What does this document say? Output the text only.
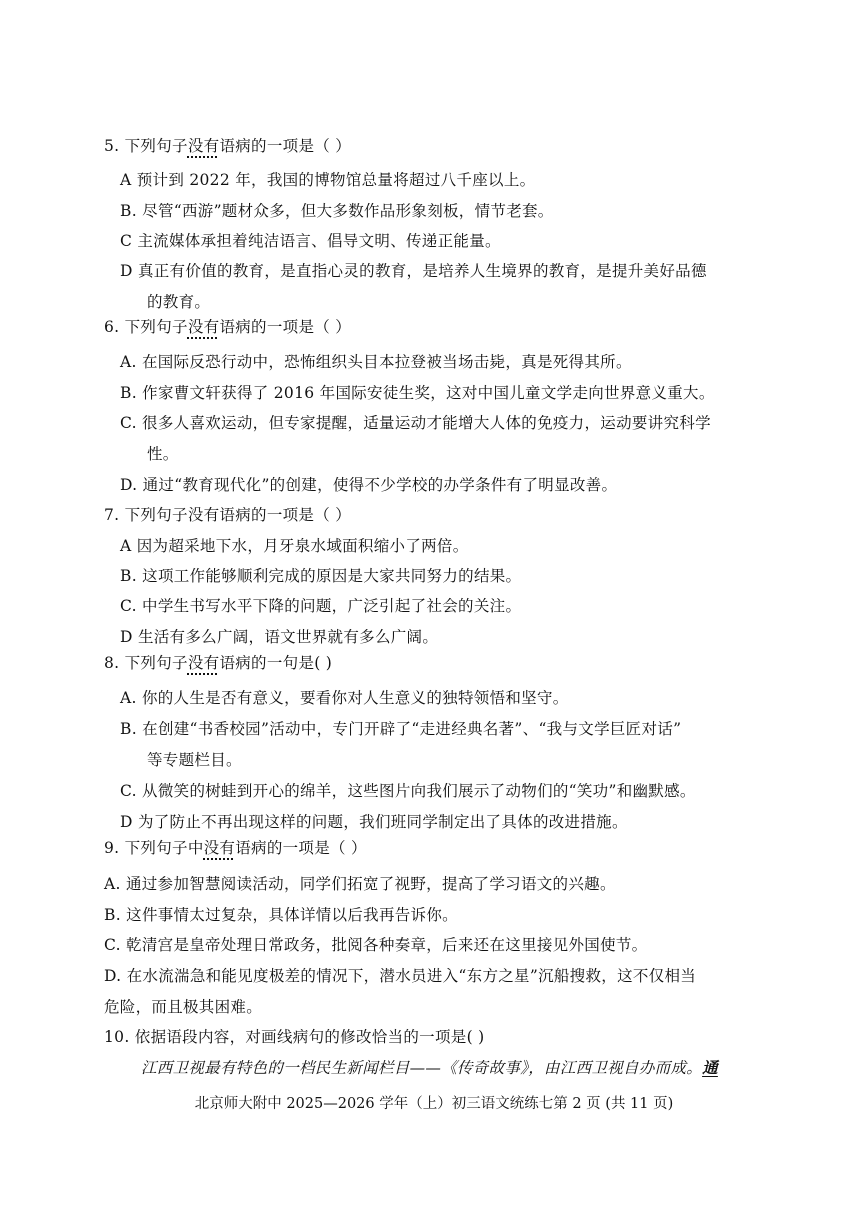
5. 下列句子没有语病的一项是（ ）
A 预计到 2022 年，我国的博物馆总量将超过八千座以上。
B. 尽管“西游”题材众多，但大多数作品形象刻板，情节老套。
C 主流媒体承担着纯洁语言、倡导文明、传递正能量。
D 真正有价值的教育，是直指心灵的教育，是培养人生境界的教育，是提升美好品德
的教育。
6. 下列句子没有语病的一项是（ ）
A. 在国际反恐行动中，恐怖组织头目本拉登被当场击毙，真是死得其所。
B. 作家曹文轩获得了 2016 年国际安徒生奖，这对中国儿童文学走向世界意义重大。
C. 很多人喜欢运动，但专家提醒，适量运动才能增大人体的免疫力，运动要讲究科学
性。
D. 通过“教育现代化”的创建，使得不少学校的办学条件有了明显改善。
7. 下列句子没有语病的一项是（ ）
A 因为超采地下水，月牙泉水域面积缩小了两倍。
B. 这项工作能够顺利完成的原因是大家共同努力的结果。
C. 中学生书写水平下降的问题，广泛引起了社会的关注。
D 生活有多么广阔，语文世界就有多么广阔。
8. 下列句子没有语病的一句是( )
A. 你的人生是否有意义，要看你对人生意义的独特领悟和坚守。
B. 在创建“书香校园”活动中，专门开辟了“走进经典名著”、“我与文学巨匠对话”
等专题栏目。
C. 从微笑的树蛙到开心的绵羊，这些图片向我们展示了动物们的“笑功”和幽默感。
D 为了防止不再出现这样的问题，我们班同学制定出了具体的改进措施。
9. 下列句子中没有语病的一项是（ ）
A. 通过参加智慧阅读活动，同学们拓宽了视野，提高了学习语文的兴趣。
B. 这件事情太过复杂，具体详情以后我再告诉你。
C. 乾清宫是皇帝处理日常政务，批阅各种奏章，后来还在这里接见外国使节。
D. 在水流湍急和能见度极差的情况下，潜水员进入“东方之星”沉船搜救，这不仅相当
危险，而且极其困难。
10. 依据语段内容，对画线病句的修改恰当的一项是( )
江西卫视最有特色的一档民生新闻栏目——《传奇故事》，由江西卫视自办而成。通
北京师大附中 2025—2026 学年（上）初三语文统练七第 2 页 (共 11 页)
